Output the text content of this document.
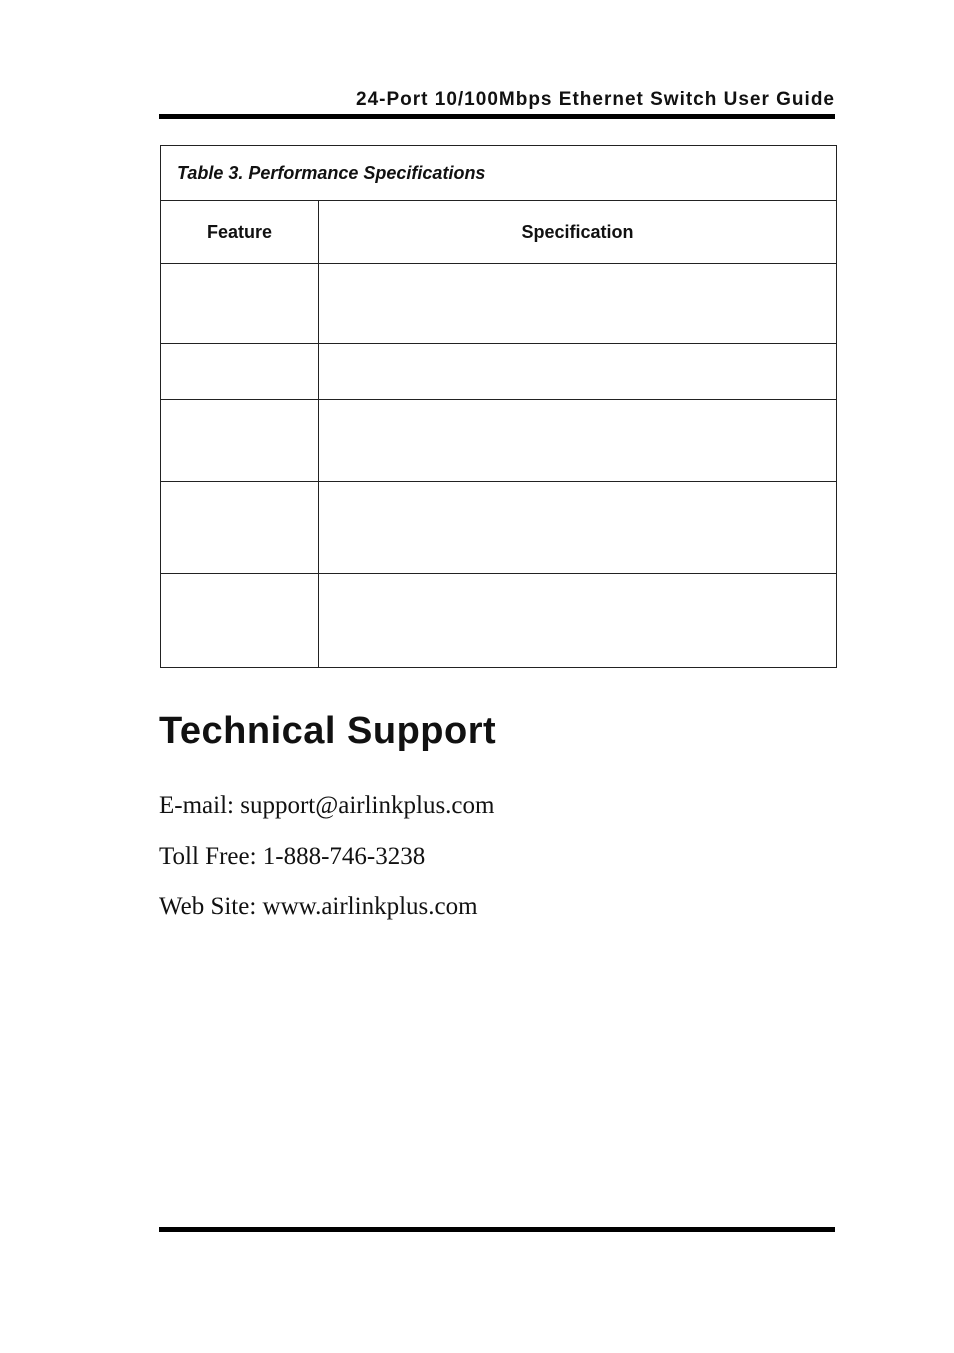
24-Port 10/100Mbps Ethernet Switch User Guide
Table 3. Performance Specifications	
Feature	Specification

Technical Support
E-mail: support@airlinkplus.com
Toll Free: 1-888-746-3238
Web Site: www.airlinkplus.com
